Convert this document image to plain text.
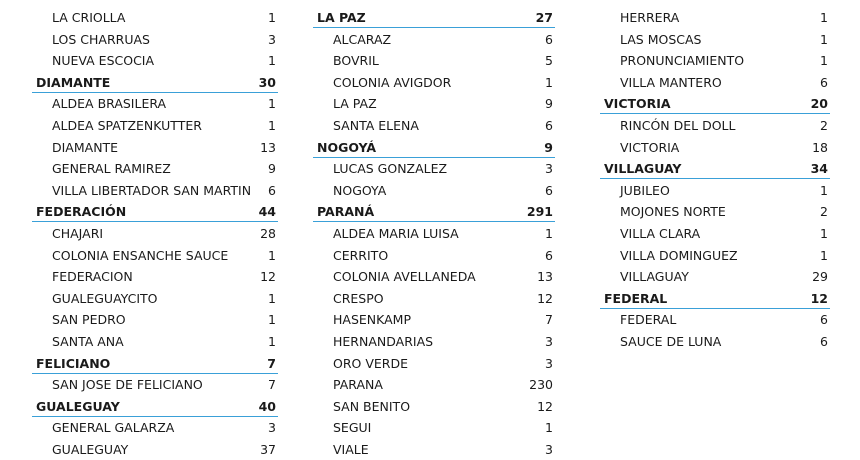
LA CRIOLLA	1
LOS CHARRUAS	3
NUEVA ESCOCIA	1
DIAMANTE	30
ALDEA BRASILERA	1
ALDEA SPATZENKUTTER	1
DIAMANTE	13
GENERAL RAMIREZ	9
VILLA LIBERTADOR SAN MARTIN 6
FEDERACIÓN	44
CHAJARI	28
COLONIA ENSANCHE SAUCE	1
FEDERACION	12
GUALEGUAYCITO	1
SAN PEDRO	1
SANTA ANA	1
FELICIANO	7
SAN JOSE DE FELICIANO	7
GUALEGUAY	40
GENERAL GALARZA	3
GUALEGUAY	37
LA PAZ	27
ALCARAZ	6
BOVRIL	5
COLONIA AVIGDOR	1
LA PAZ	9
SANTA ELENA	6
NOGOYÁ	9
LUCAS GONZALEZ	3
NOGOYA	6
PARANÁ	291
ALDEA MARIA LUISA	1
CERRITO	6
COLONIA AVELLANEDA	13
CRESPO	12
HASENKAMP	7
HERNANDARIAS	3
ORO VERDE	3
PARANA	230
SAN BENITO	12
SEGUI	1
VIALE	3
HERRERA	1
LAS MOSCAS	1
PRONUNCIAMIENTO	1
VILLA MANTERO	6
VICTORIA	20
RINCÓN DEL DOLL	2
VICTORIA	18
VILLAGUAY	34
JUBILEO	1
MOJONES NORTE	2
VILLA CLARA	1
VILLA DOMINGUEZ	1
VILLAGUAY	29
FEDERAL	12
FEDERAL	6
SAUCE DE LUNA	6
